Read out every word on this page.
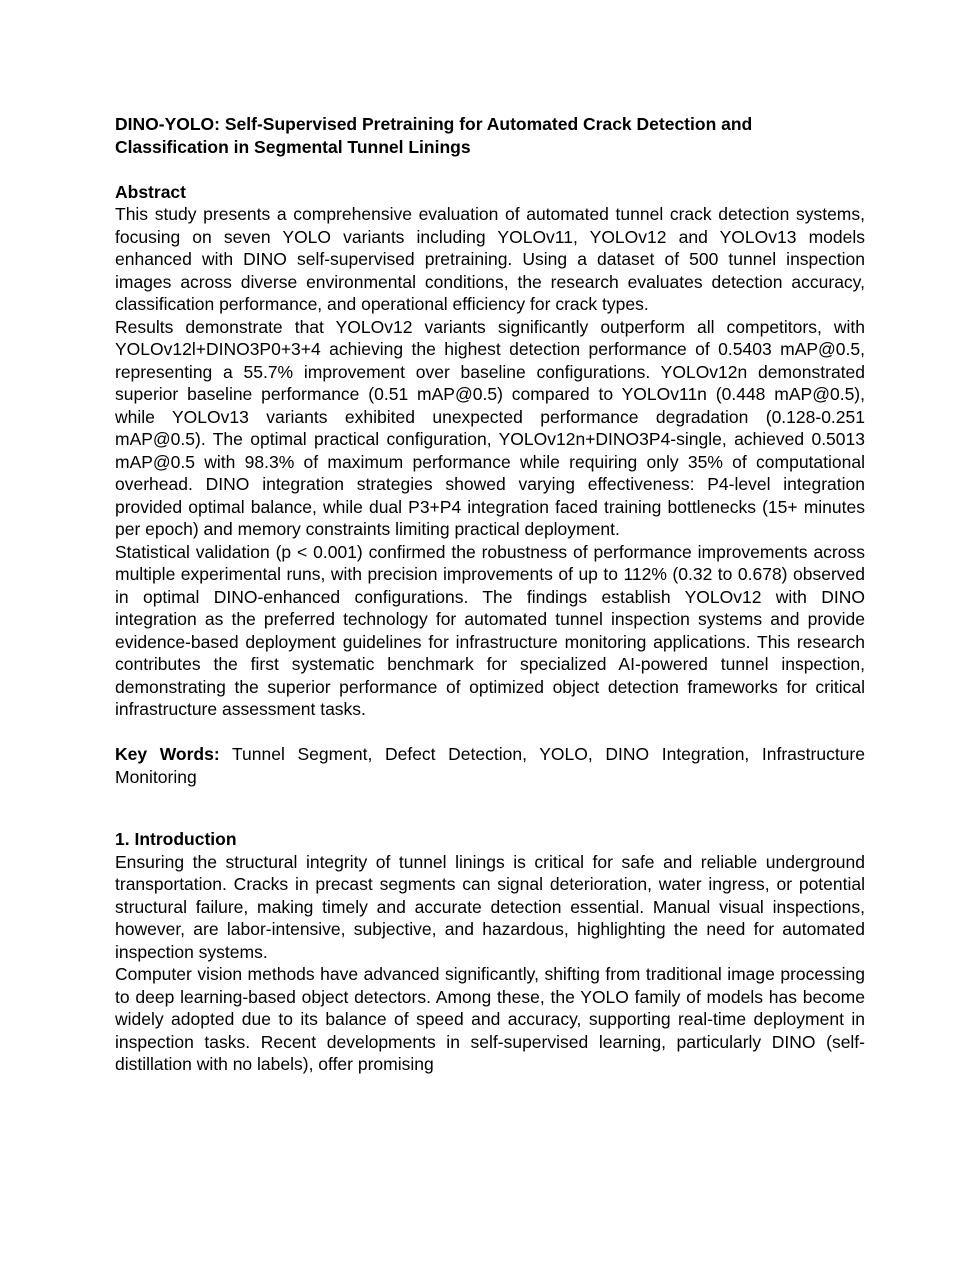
DINO-YOLO: Self-Supervised Pretraining for Automated Crack Detection and Classification in Segmental Tunnel Linings
Abstract

This study presents a comprehensive evaluation of automated tunnel crack detection systems, focusing on seven YOLO variants including YOLOv11, YOLOv12 and YOLOv13 models enhanced with DINO self-supervised pretraining. Using a dataset of 500 tunnel inspection images across diverse environmental conditions, the research evaluates detection accuracy, classification performance, and operational efficiency for crack types.

Results demonstrate that YOLOv12 variants significantly outperform all competitors, with YOLOv12l+DINO3P0+3+4 achieving the highest detection performance of 0.5403 mAP@0.5, representing a 55.7% improvement over baseline configurations. YOLOv12n demonstrated superior baseline performance (0.51 mAP@0.5) compared to YOLOv11n (0.448 mAP@0.5), while YOLOv13 variants exhibited unexpected performance degradation (0.128-0.251 mAP@0.5). The optimal practical configuration, YOLOv12n+DINO3P4-single, achieved 0.5013 mAP@0.5 with 98.3% of maximum performance while requiring only 35% of computational overhead. DINO integration strategies showed varying effectiveness: P4-level integration provided optimal balance, while dual P3+P4 integration faced training bottlenecks (15+ minutes per epoch) and memory constraints limiting practical deployment.

Statistical validation (p < 0.001) confirmed the robustness of performance improvements across multiple experimental runs, with precision improvements of up to 112% (0.32 to 0.678) observed in optimal DINO-enhanced configurations. The findings establish YOLOv12 with DINO integration as the preferred technology for automated tunnel inspection systems and provide evidence-based deployment guidelines for infrastructure monitoring applications. This research contributes the first systematic benchmark for specialized AI-powered tunnel inspection, demonstrating the superior performance of optimized object detection frameworks for critical infrastructure assessment tasks.

Key Words: Tunnel Segment, Defect Detection, YOLO, DINO Integration, Infrastructure Monitoring

1. Introduction

Ensuring the structural integrity of tunnel linings is critical for safe and reliable underground transportation. Cracks in precast segments can signal deterioration, water ingress, or potential structural failure, making timely and accurate detection essential. Manual visual inspections, however, are labor-intensive, subjective, and hazardous, highlighting the need for automated inspection systems.

Computer vision methods have advanced significantly, shifting from traditional image processing to deep learning-based object detectors. Among these, the YOLO family of models has become widely adopted due to its balance of speed and accuracy, supporting real-time deployment in inspection tasks. Recent developments in self-supervised learning, particularly DINO (self-distillation with no labels), offer promising
